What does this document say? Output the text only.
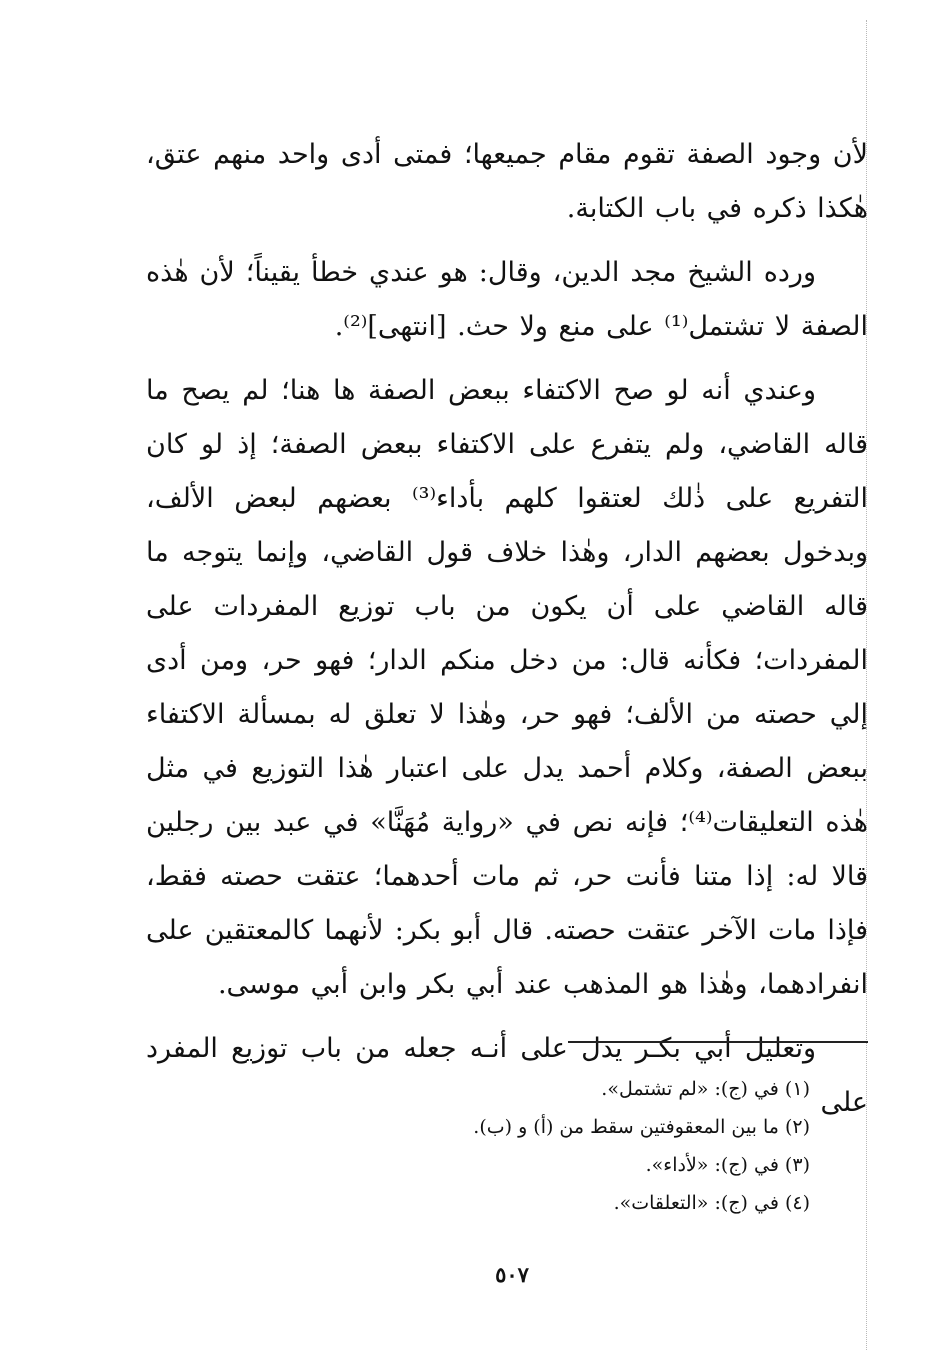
لأن وجود الصفة تقوم مقام جميعها؛ فمتى أدى واحد منهم عتق، هٰكذا ذكره في باب الكتابة.

ورده الشيخ مجد الدين، وقال: هو عندي خطأ يقيناً؛ لأن هٰذه الصفة لا تشتمل⁽¹⁾ على منع ولا حث. [انتهى]⁽²⁾.

وعندي أنه لو صح الاكتفاء ببعض الصفة ها هنا؛ لم يصح ما قاله القاضي، ولم يتفرع على الاكتفاء ببعض الصفة؛ إذ لو كان التفريع على ذٰلك لعتقوا كلهم بأداء⁽³⁾ بعضهم لبعض الألف، وبدخول بعضهم الدار، وهٰذا خلاف قول القاضي، وإنما يتوجه ما قاله القاضي على أن يكون من باب توزيع المفردات على المفردات؛ فكأنه قال: من دخل منكم الدار؛ فهو حر، ومن أدى إلي حصته من الألف؛ فهو حر، وهٰذا لا تعلق له بمسألة الاكتفاء ببعض الصفة، وكلام أحمد يدل على اعتبار هٰذا التوزيع في مثل هٰذه التعليقات⁽⁴⁾؛ فإنه نص في «رواية مُهَنَّا» في عبد بين رجلين قالا له: إذا متنا فأنت حر، ثم مات أحدهما؛ عتقت حصته فقط، فإذا مات الآخر عتقت حصته. قال أبو بكر: لأنهما كالمعتقين على انفرادهما، وهٰذا هو المذهب عند أبي بكر وابن أبي موسى.

وتعليل أبي بكـر يدل على أنـه جعله من باب توزيع المفرد على

(١) في (ج): «لم تشتمل».
(٢) ما بين المعقوفتين سقط من (أ) و (ب).
(٣) في (ج): «لأداء».
(٤) في (ج): «التعلقات».
٥٠٧
